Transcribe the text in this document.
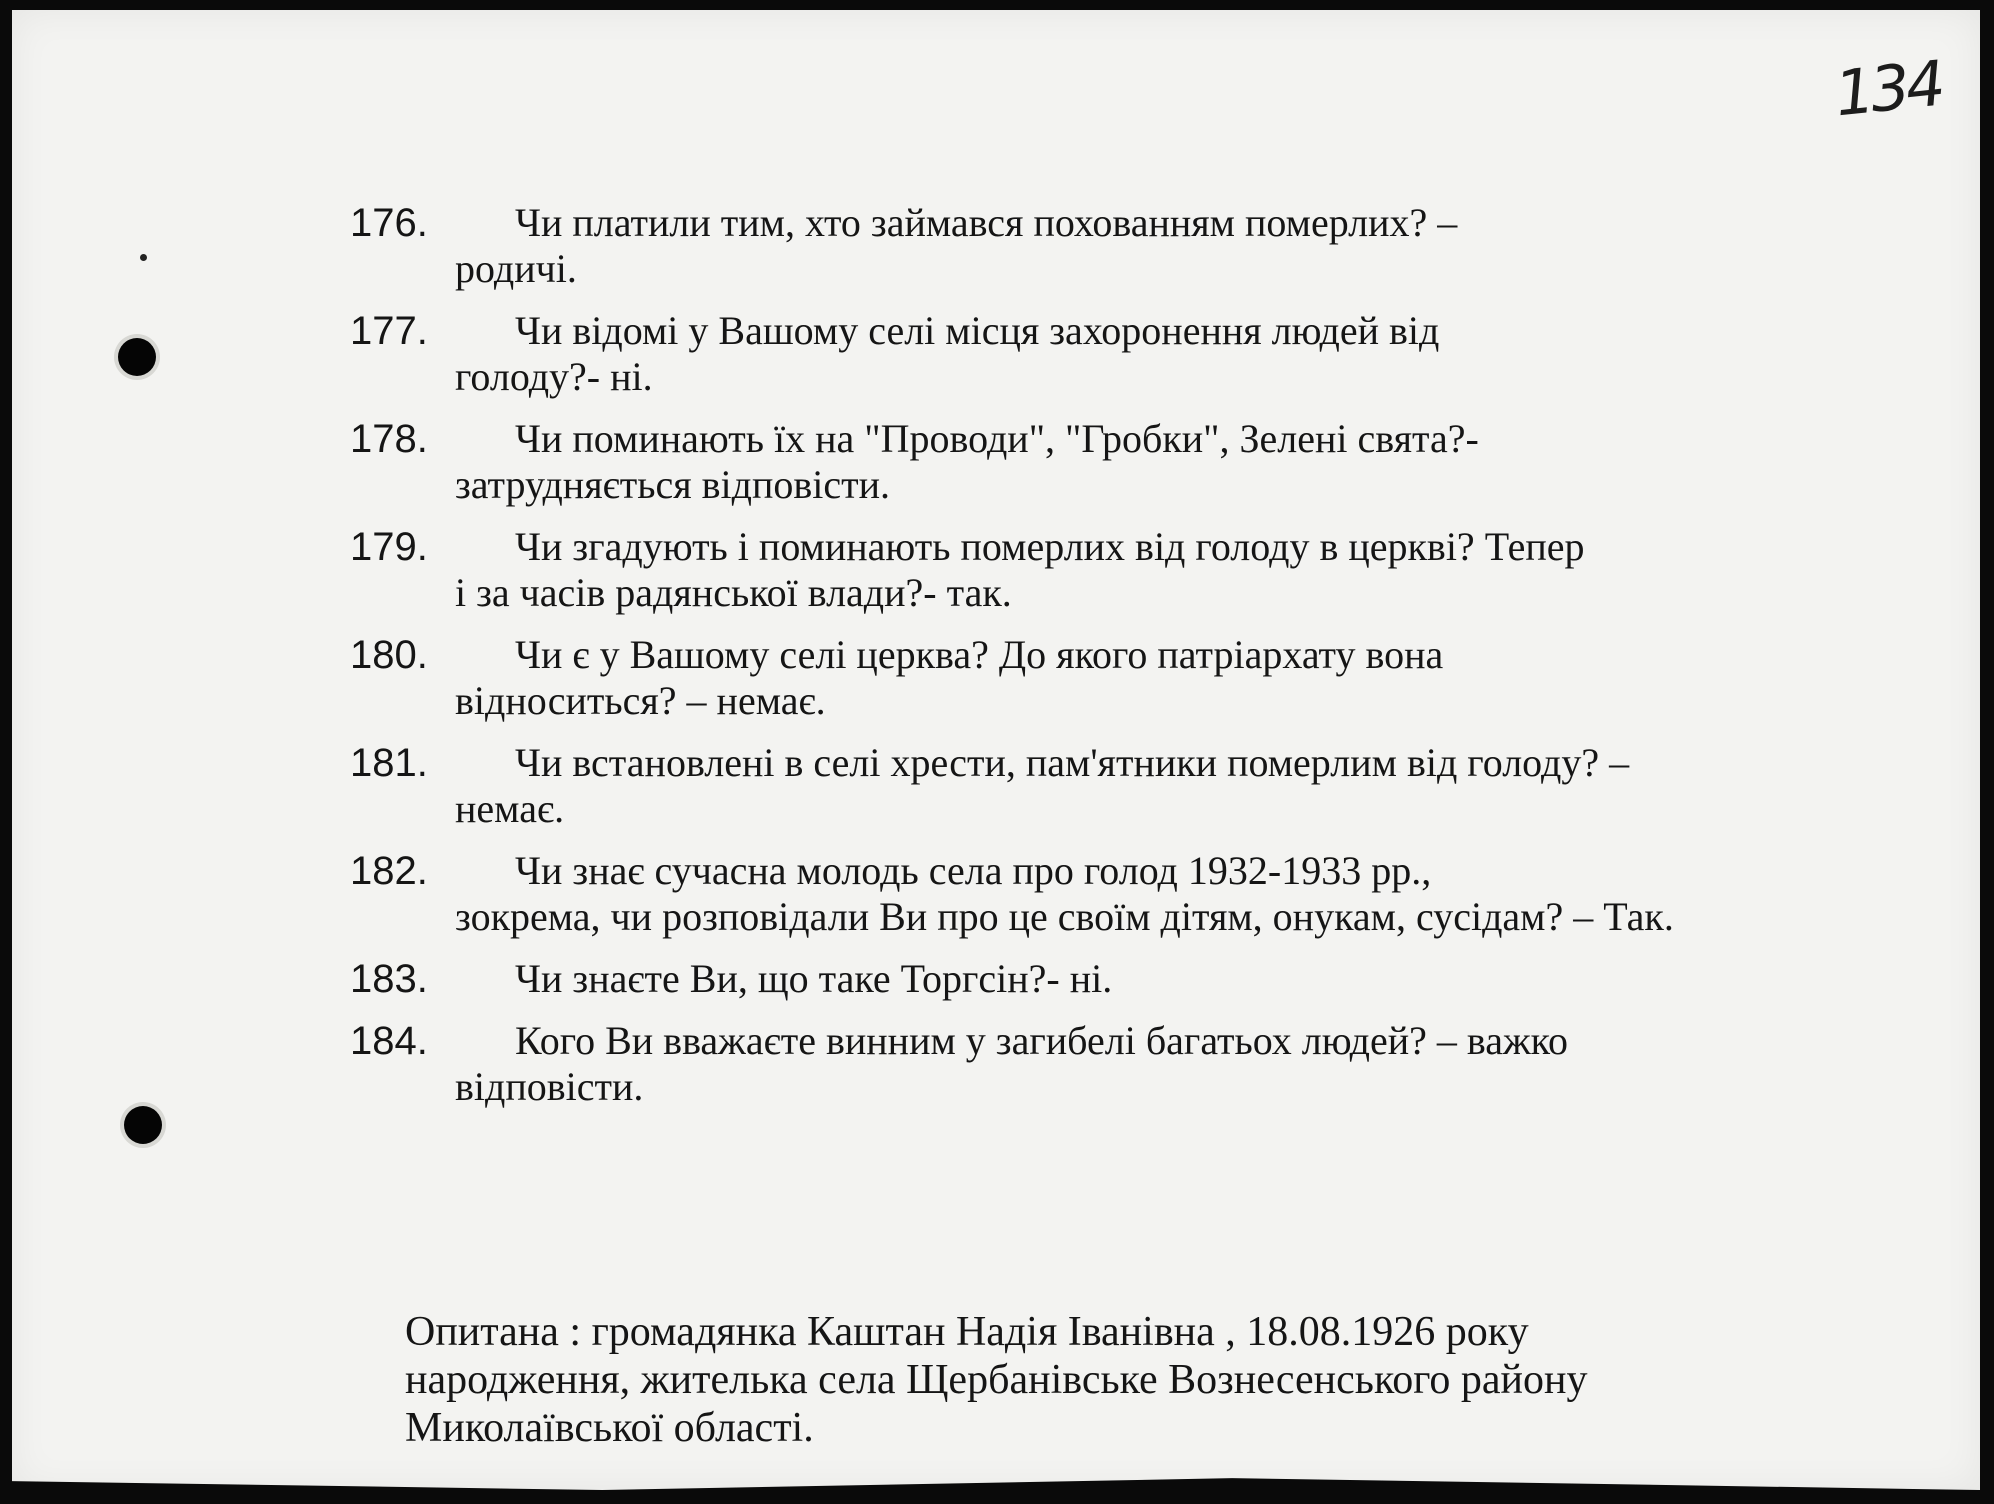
134
176.	Чи платили тим, хто займався похованням померлих? –
родичі.
177.	Чи відомі у Вашому селі місця захоронення людей від
голоду?- ні.
178.	Чи поминають їх на "Проводи", "Гробки", Зелені свята?-
затрудняється відповісти.
179.	Чи згадують і поминають померлих від голоду в церкві? Тепер
і за часів радянської влади?- так.
180.	Чи є у Вашому селі церква? До якого патріархату вона
відноситься? – немає.
181.	Чи встановлені в селі хрести, пам'ятники померлим від голоду? –
немає.
182.	Чи знає сучасна молодь села про голод 1932-1933 рр.,
зокрема, чи розповідали Ви про це своїм дітям, онукам, сусідам? – Так.
183.	Чи знаєте Ви, що таке Торгсін?- ні.
184.	Кого Ви вважаєте винним у загибелі багатьох людей? – важко
відповісти.
Опитана : громадянка Каштан Надія Іванівна , 18.08.1926 року
народження, жителька села Щербанівське Вознесенського району
Миколаївської області.
